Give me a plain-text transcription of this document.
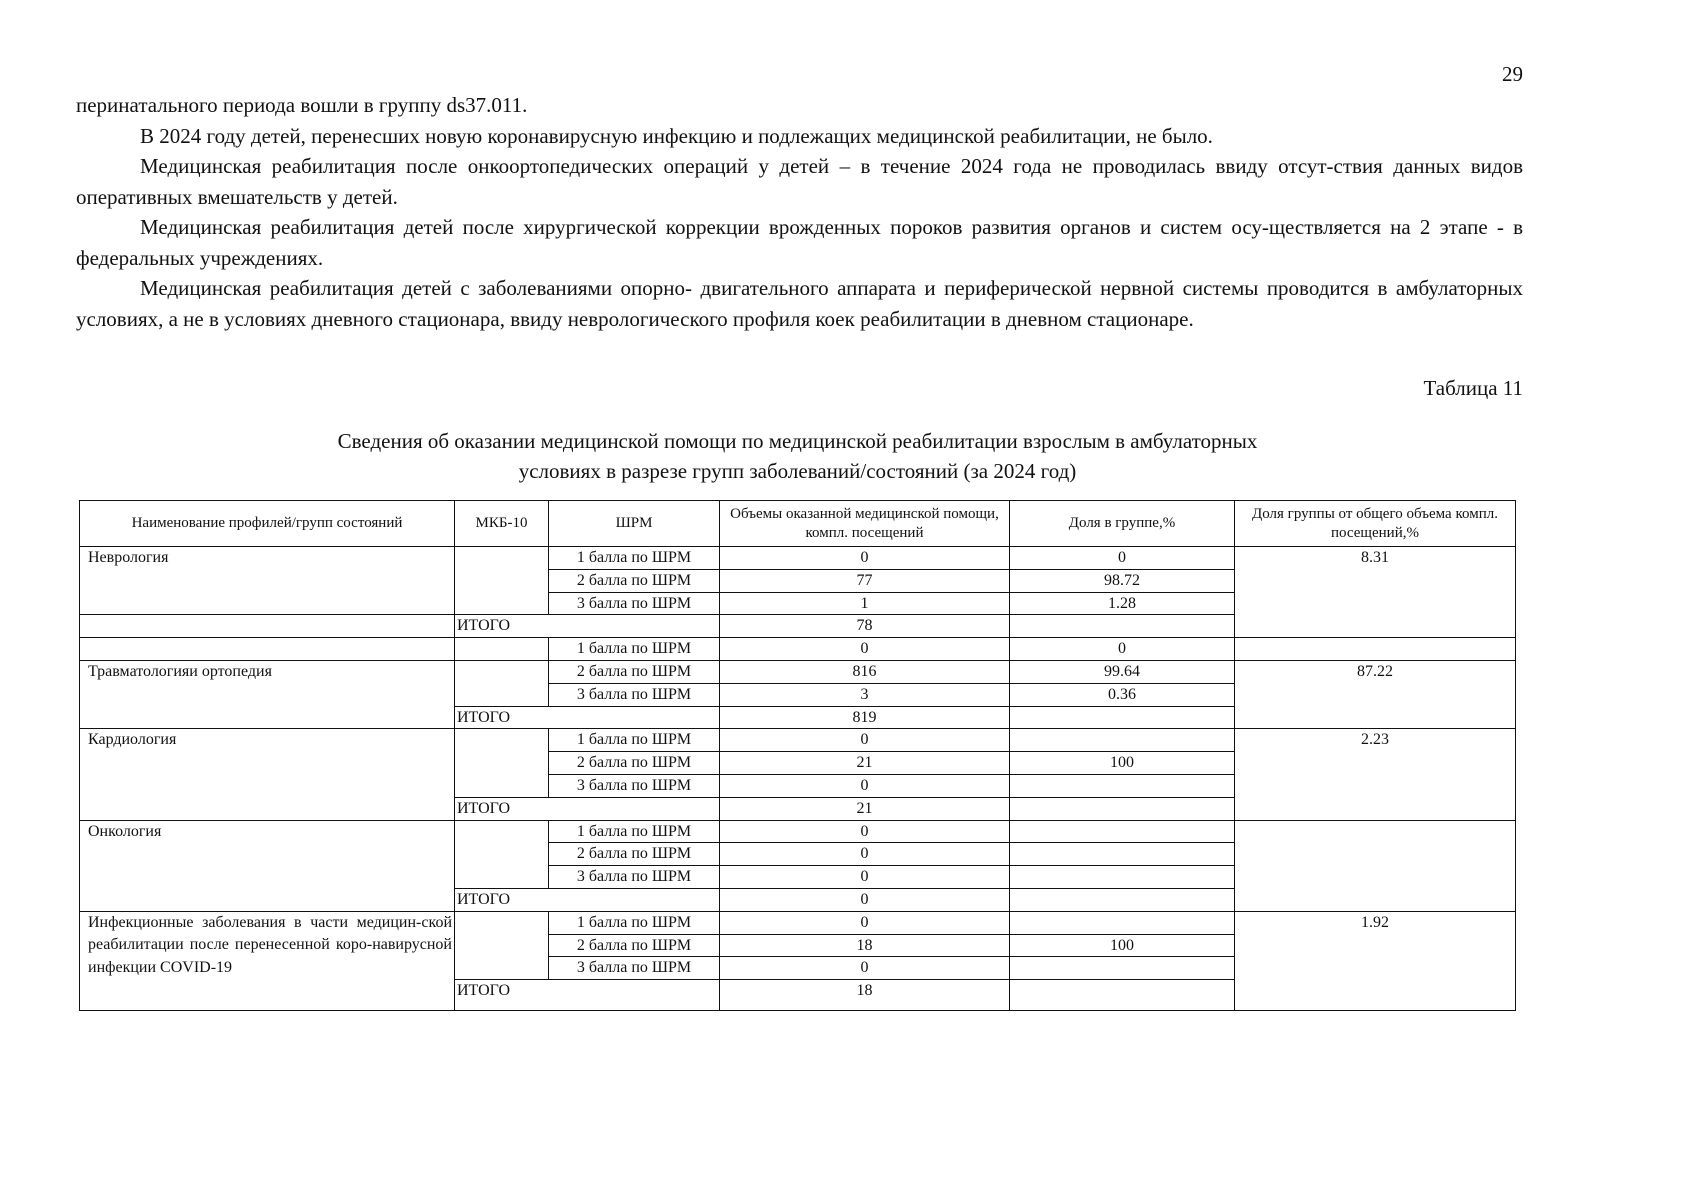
29

перинатального периода вошли в группу ds37.011.

В 2024 году детей, перенесших новую коронавирусную инфекцию и подлежащих медицинской реабилитации, не было.

Медицинская реабилитация после онкоортопедических операций у детей – в течение 2024 года не проводилась ввиду отсут-ствия данных видов оперативных вмешательств у детей.

Медицинская реабилитация детей после хирургической коррекции врожденных пороков развития органов и систем осу-ществляется на 2 этапе - в федеральных учреждениях.

Медицинская реабилитация детей с заболеваниями опорно- двигательного аппарата и периферической нервной системы проводится в амбулаторных условиях, а не в условиях дневного стационара, ввиду неврологического профиля коек реабилитации в дневном стационаре.

Таблица 11
Сведения об оказании медицинской помощи по медицинской реабилитации взрослым в амбулаторных
условиях в разрезе групп заболеваний/состояний (за 2024 год)
Наименование профилей/групп состояний	МКБ-10	ШРМ	Объемы оказанной медицинской помощи, компл. посещений	Доля в группе,%	Доля группы от общего объема компл. посещений,%
Неврология		1 балла по ШРМ	0	0	8.31
		2 балла по ШРМ	77	98.72	
		3 балла по ШРМ	1	1.28	
	ИТОГО		78		
		1 балла по ШРМ	0	0	
Травматологияи ортопедия		2 балла по ШРМ	816	99.64	87.22
		3 балла по ШРМ	3	0.36	
	ИТОГО		819		
Кардиология		1 балла по ШРМ	0		2.23
		2 балла по ШРМ	21	100	
		3 балла по ШРМ	0		
	ИТОГО		21		
Онкология		1 балла по ШРМ	0		
		2 балла по ШРМ	0		
		3 балла по ШРМ	0		
	ИТОГО		0		
Инфекционные заболевания в части медицин-ской реабилитации после перенесенной коро-навирусной инфекции COVID-19		1 балла по ШРМ	0		1.92
		2 балла по ШРМ	18	100	
		3 балла по ШРМ	0		
	ИТОГО		18		
